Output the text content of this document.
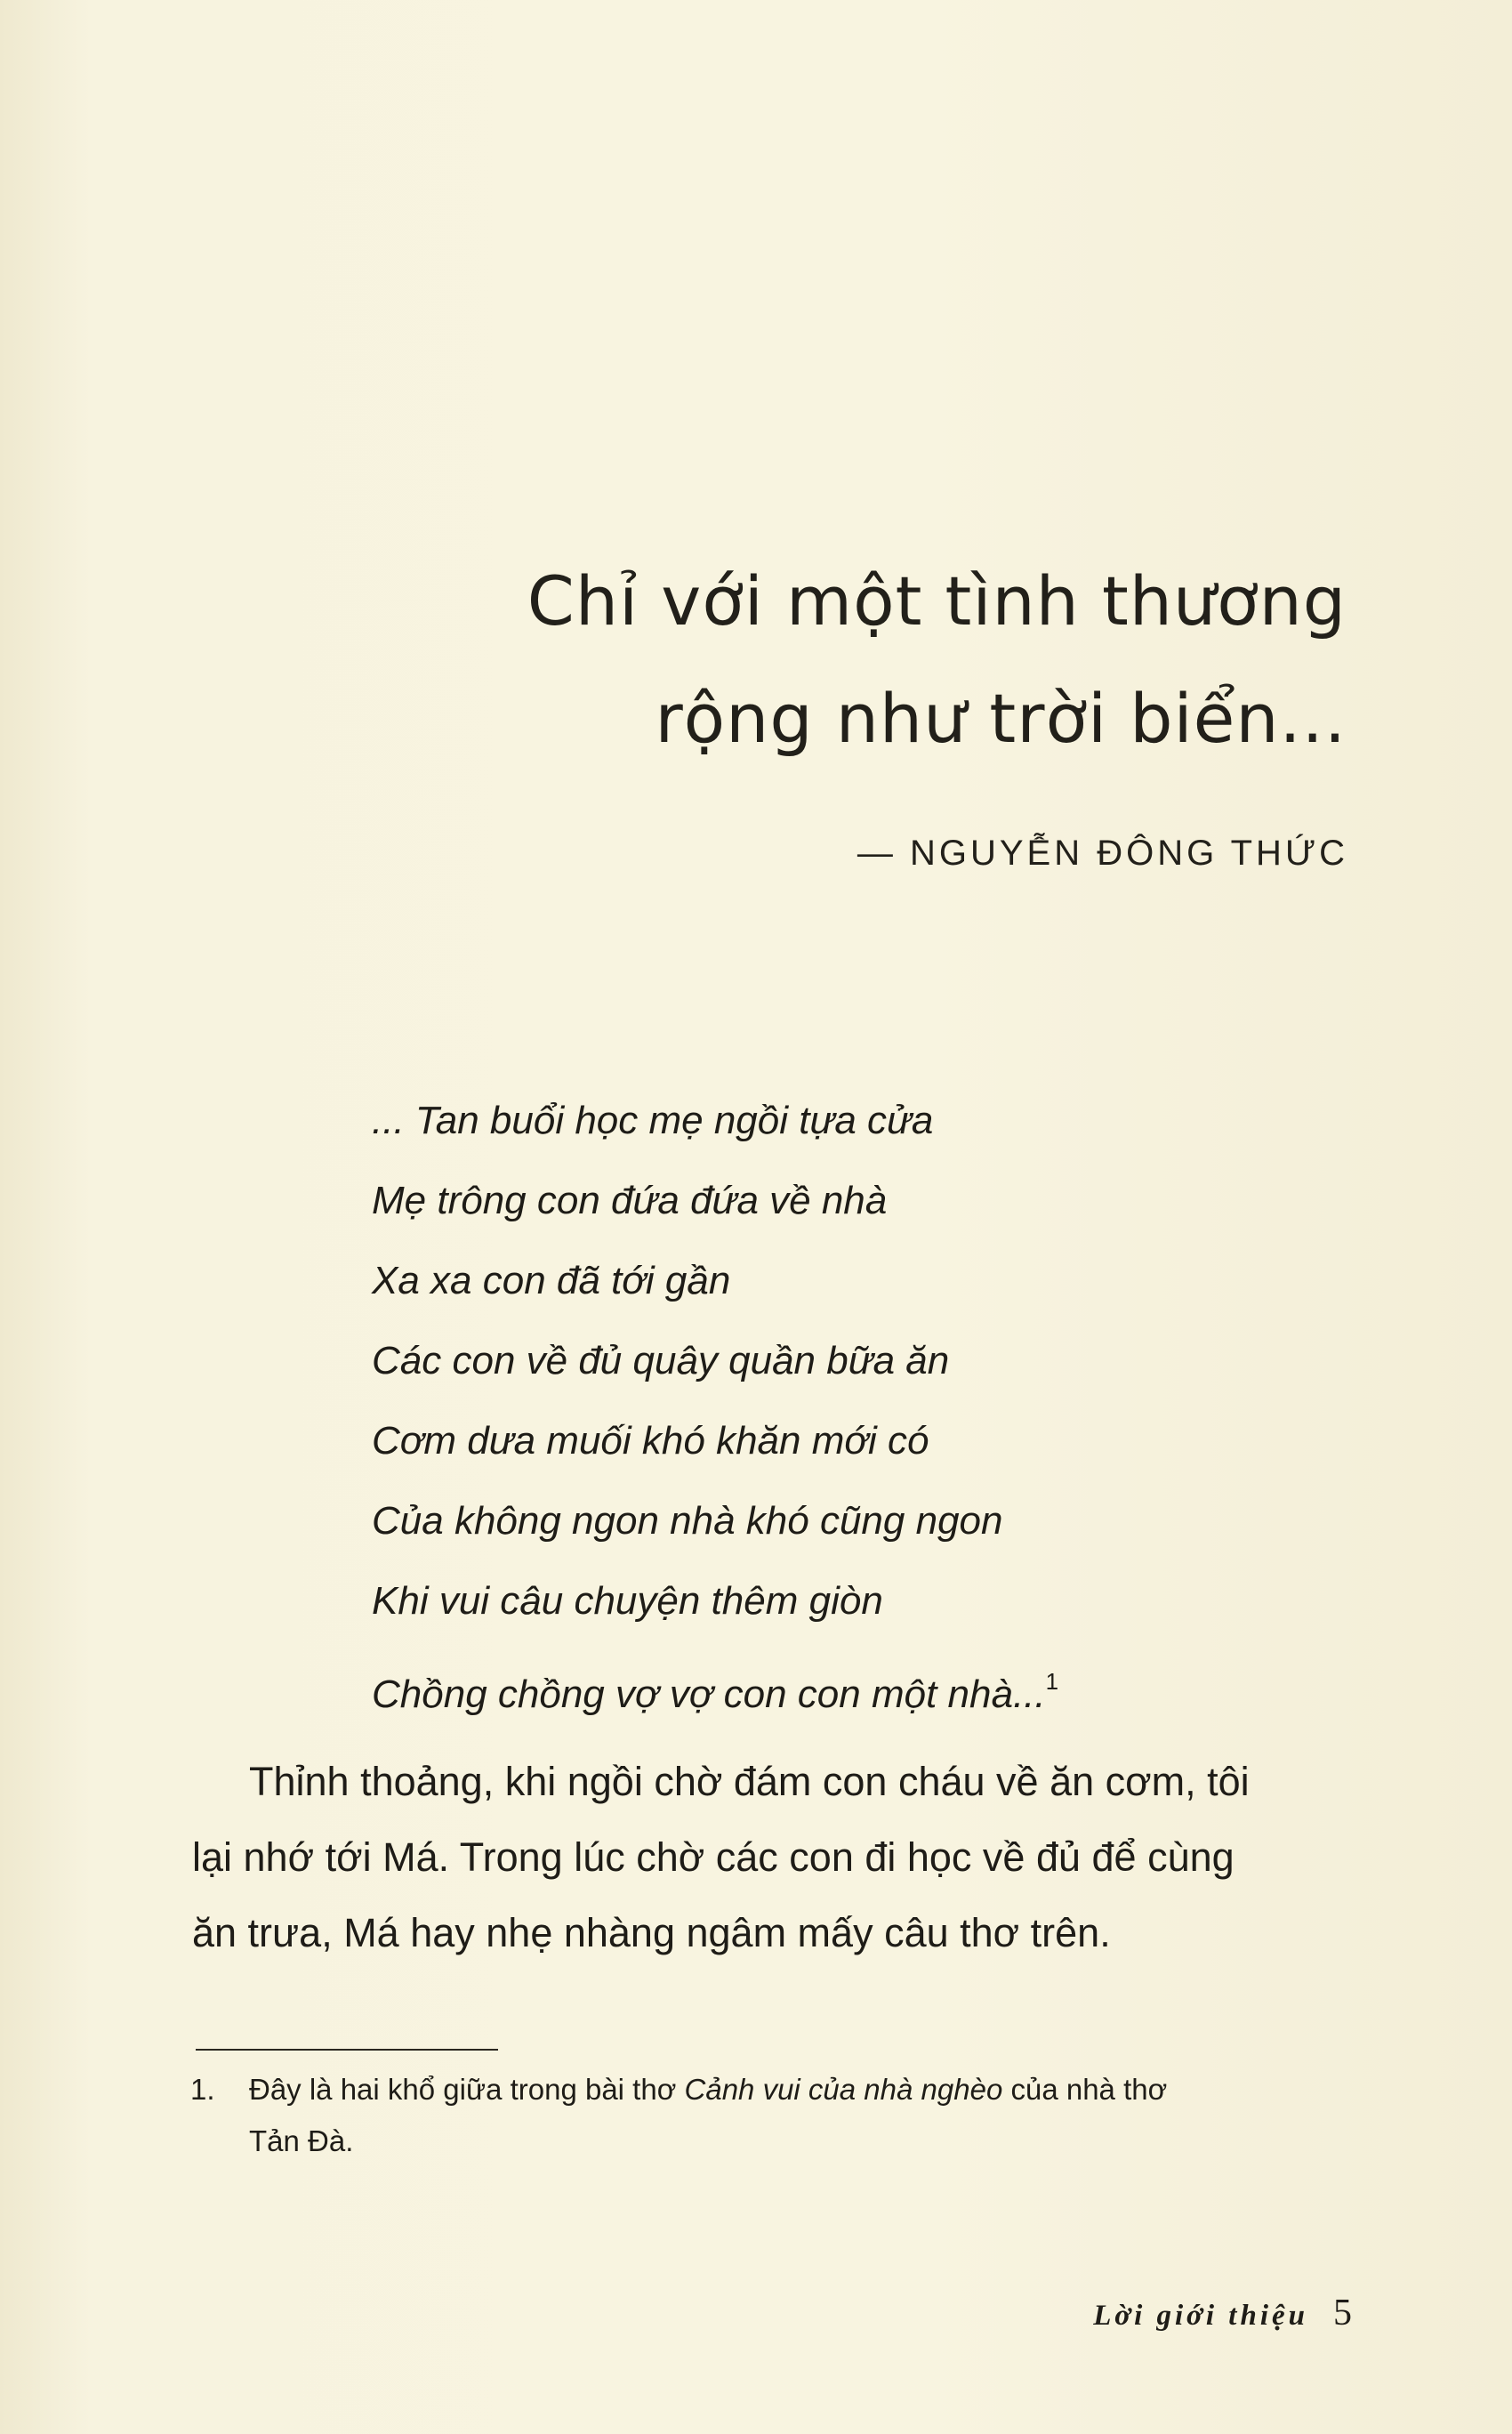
Chỉ với một tình thương
rộng như trời biển...
— NGUYỄN ĐÔNG THỨC
... Tan buổi học mẹ ngồi tựa cửa
Mẹ trông con đứa đứa về nhà
Xa xa con đã tới gần
Các con về đủ quây quần bữa ăn
Cơm dưa muối khó khăn mới có
Của không ngon nhà khó cũng ngon
Khi vui câu chuyện thêm giòn
Chồng chồng vợ vợ con con một nhà...$^1$
Thỉnh thoảng, khi ngồi chờ đám con cháu về ăn cơm, tôi
lại nhớ tới Má. Trong lúc chờ các con đi học về đủ để cùng
ăn trưa, Má hay nhẹ nhàng ngâm mấy câu thơ trên.
1. Đây là hai khổ giữa trong bài thơ Cảnh vui của nhà nghèo của nhà thơ
Tản Đà.
Lời giới thiệu 5
